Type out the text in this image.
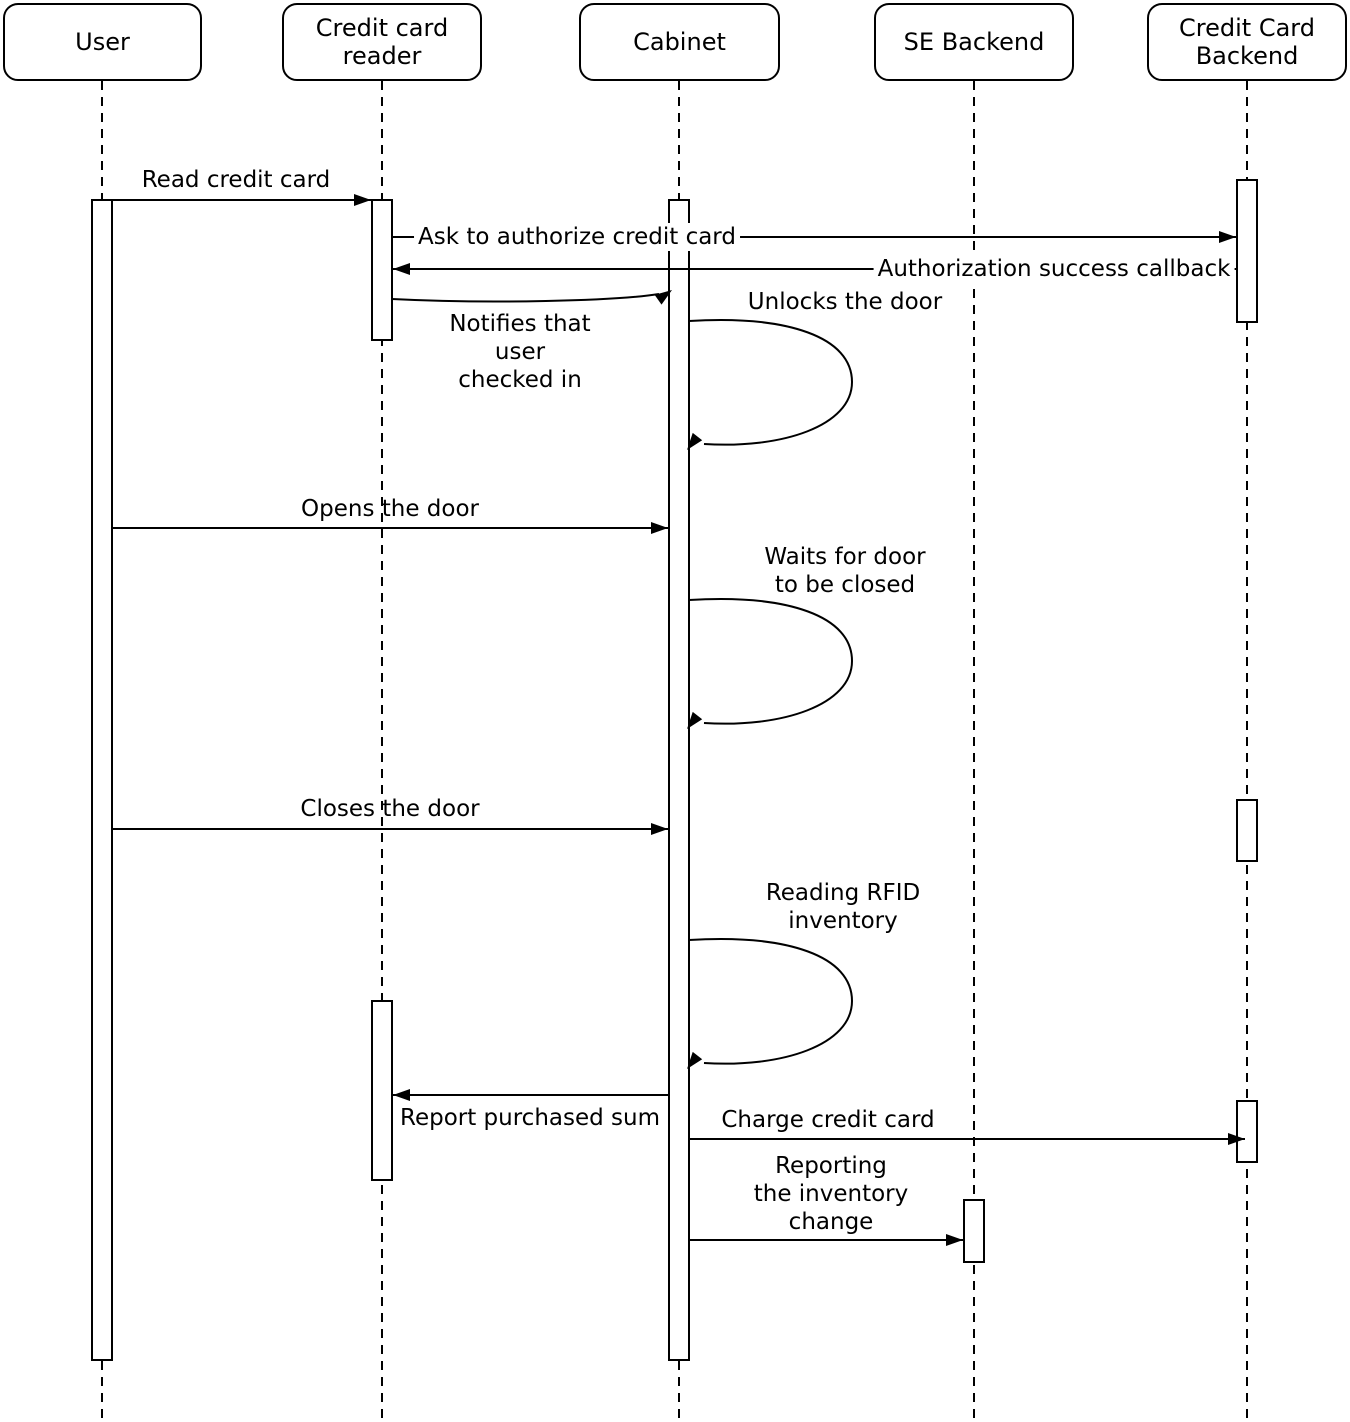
User	Credit card
reader	Cabinet	SE Backend	Credit Card
Backend
Read credit card
Ask to authorize credit card
Authorization success callback
Notifies that
user
checked in
Unlocks the door
Opens the door
Waits for door
to be closed
Closes the door
Reading RFID
inventory
Report purchased sum	Charge credit card
Reporting
the inventory
change
